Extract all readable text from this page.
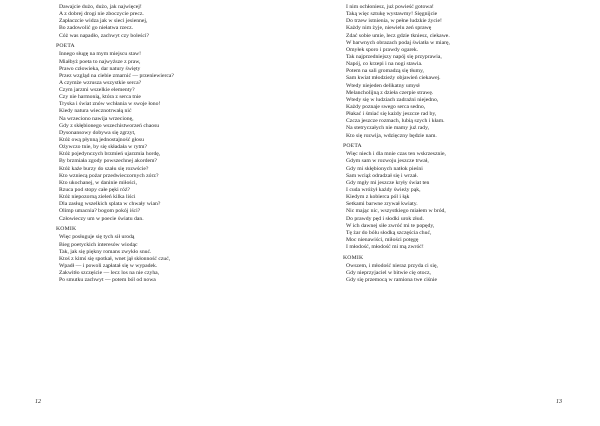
Dawajcie dużo, dużo, jak najwięcej!
A z dobrej drogi nie zboczycie precz.
Zapłaczcie widza jak w sieci jesiennej,
Bo zadowolić go niełatwa rzecz.
Cóż was napadło, zachwyt czy boleści?
POETA
Innego sługę na mym miejscu staw!
Miałbyż poeta to najwyższe z praw,
Prawo człowieka, dar natury święty
Przez wzgląd na ciebie zmarnić — przeniewierca?
A czymże wzrusza wszystkie serca?
Czym jarzmi wszelkie elementy?
Czy nie harmonią, która z serca tnie
Tryska i świat znów wchłania w swoje łono!
Kiedy natura wiecznotrwałą nić
Na wrzeciono nawija wrzecionę,
Gdy z skłębionego wszechistworzeń chaosu
Dysonansowy dobywa się zgrzyt,
Któż ową płynną jednostajność głosu
Ożywczo tnie, by się składała w rytm?
Któż pojedynczych brzmień ujarzmia hordę,
By brzmiała zgody powszechnej akordem?
Któż każe burzy do szału się rozwście?
Kto wzniecą pożar przedwieczornych zórz?
Kto ukochanej, w daninie miłości,
Rzuca pod stopy całe pęki róż?
Któż niepozorną zieleń kilka liści
Dla zasług wszelkich splata w chwały wian?
Olimp umacnia? bogom pokój iści?
Człowieczy um w poecie światu dan.
KOMIK
Więc posługuje się tych sił urodą
Bieg poetyckich interesów wiodąc
Tak, jak się piękny romans zwykło snuć.
Ktoś z kimś się spotkał, wnet jął skłonność czuć,
Wpadł — i powoli ząpłatał się w wypadek.
Zakwitło szczęście — lecz los na nie czyha,
Po smutku zachwyt — potem ból od nowa
12
I nim ochłoniesz, już powieść gotowa!
Taką więc sztukę wystawmy! Sięgnijcie
Do trzew istnienia, w pełne ludzkie życie!
Każdy nim żyje, niewielu zeń sprawę
Zdać sobie umie, lecz gdzie tkniesz, ciekawe.
W barwnych obrazach podaj światła w miarę,
Omyłek sporo i prawdy ogarek.
Tak najprzedniejszy napój się przyprawia,
Napój, co krzepi i na nogi stawia.
Potem na sali gromadzą się tłumy,
Sam kwiat młodzieży objawień ciekawej.
Wtedy niejeden delikatny umysł
Melancholijną z dzieła czerpie strawę.
Wtedy się w ludziach zadrażni niejedno,
Każdy poznaje swego serca sedno,
Płakać i śmiać się każdy jeszcze rad by,
Czcza jeszcze rozmach, lubią szych i kłam.
Na stetryczałych nie mamy już rady,
Kto się rozwija, wdzięczny będzie nam.
POETA
Więc niech i dla mnie czas ten wskrzesznie,
Gdym sam w rozwoju jeszcze trwał,
Gdy mi skłębionych natłok pieśni
Sam wciąż odradzał się i wrzał.
Gdy mgły mi jeszcze kryły świat ten
I cuda wróżył każdy świeży pąk,
Kiedym z kobierca pól i łąk
Setkami barwne zrywał kwiaty.
Nic mając nic, wszystkiego miałem w bród,
Do prawdy pęd i słodki urok złud.
W ich dawnej siłe zwróć mi te popędy,
Tę żar do bólu słodką szczęścia chuć,
Moc nienawiści, miłości potęgę
I młodość, młodość mi mą zwróć!
KOMIK
Owszem, i młodość nieraz przyda ci się,
Gdy nieprzyjaciel w bitwie cię otocz,
Gdy się przemocą w ramiona twe ciśnie
13
